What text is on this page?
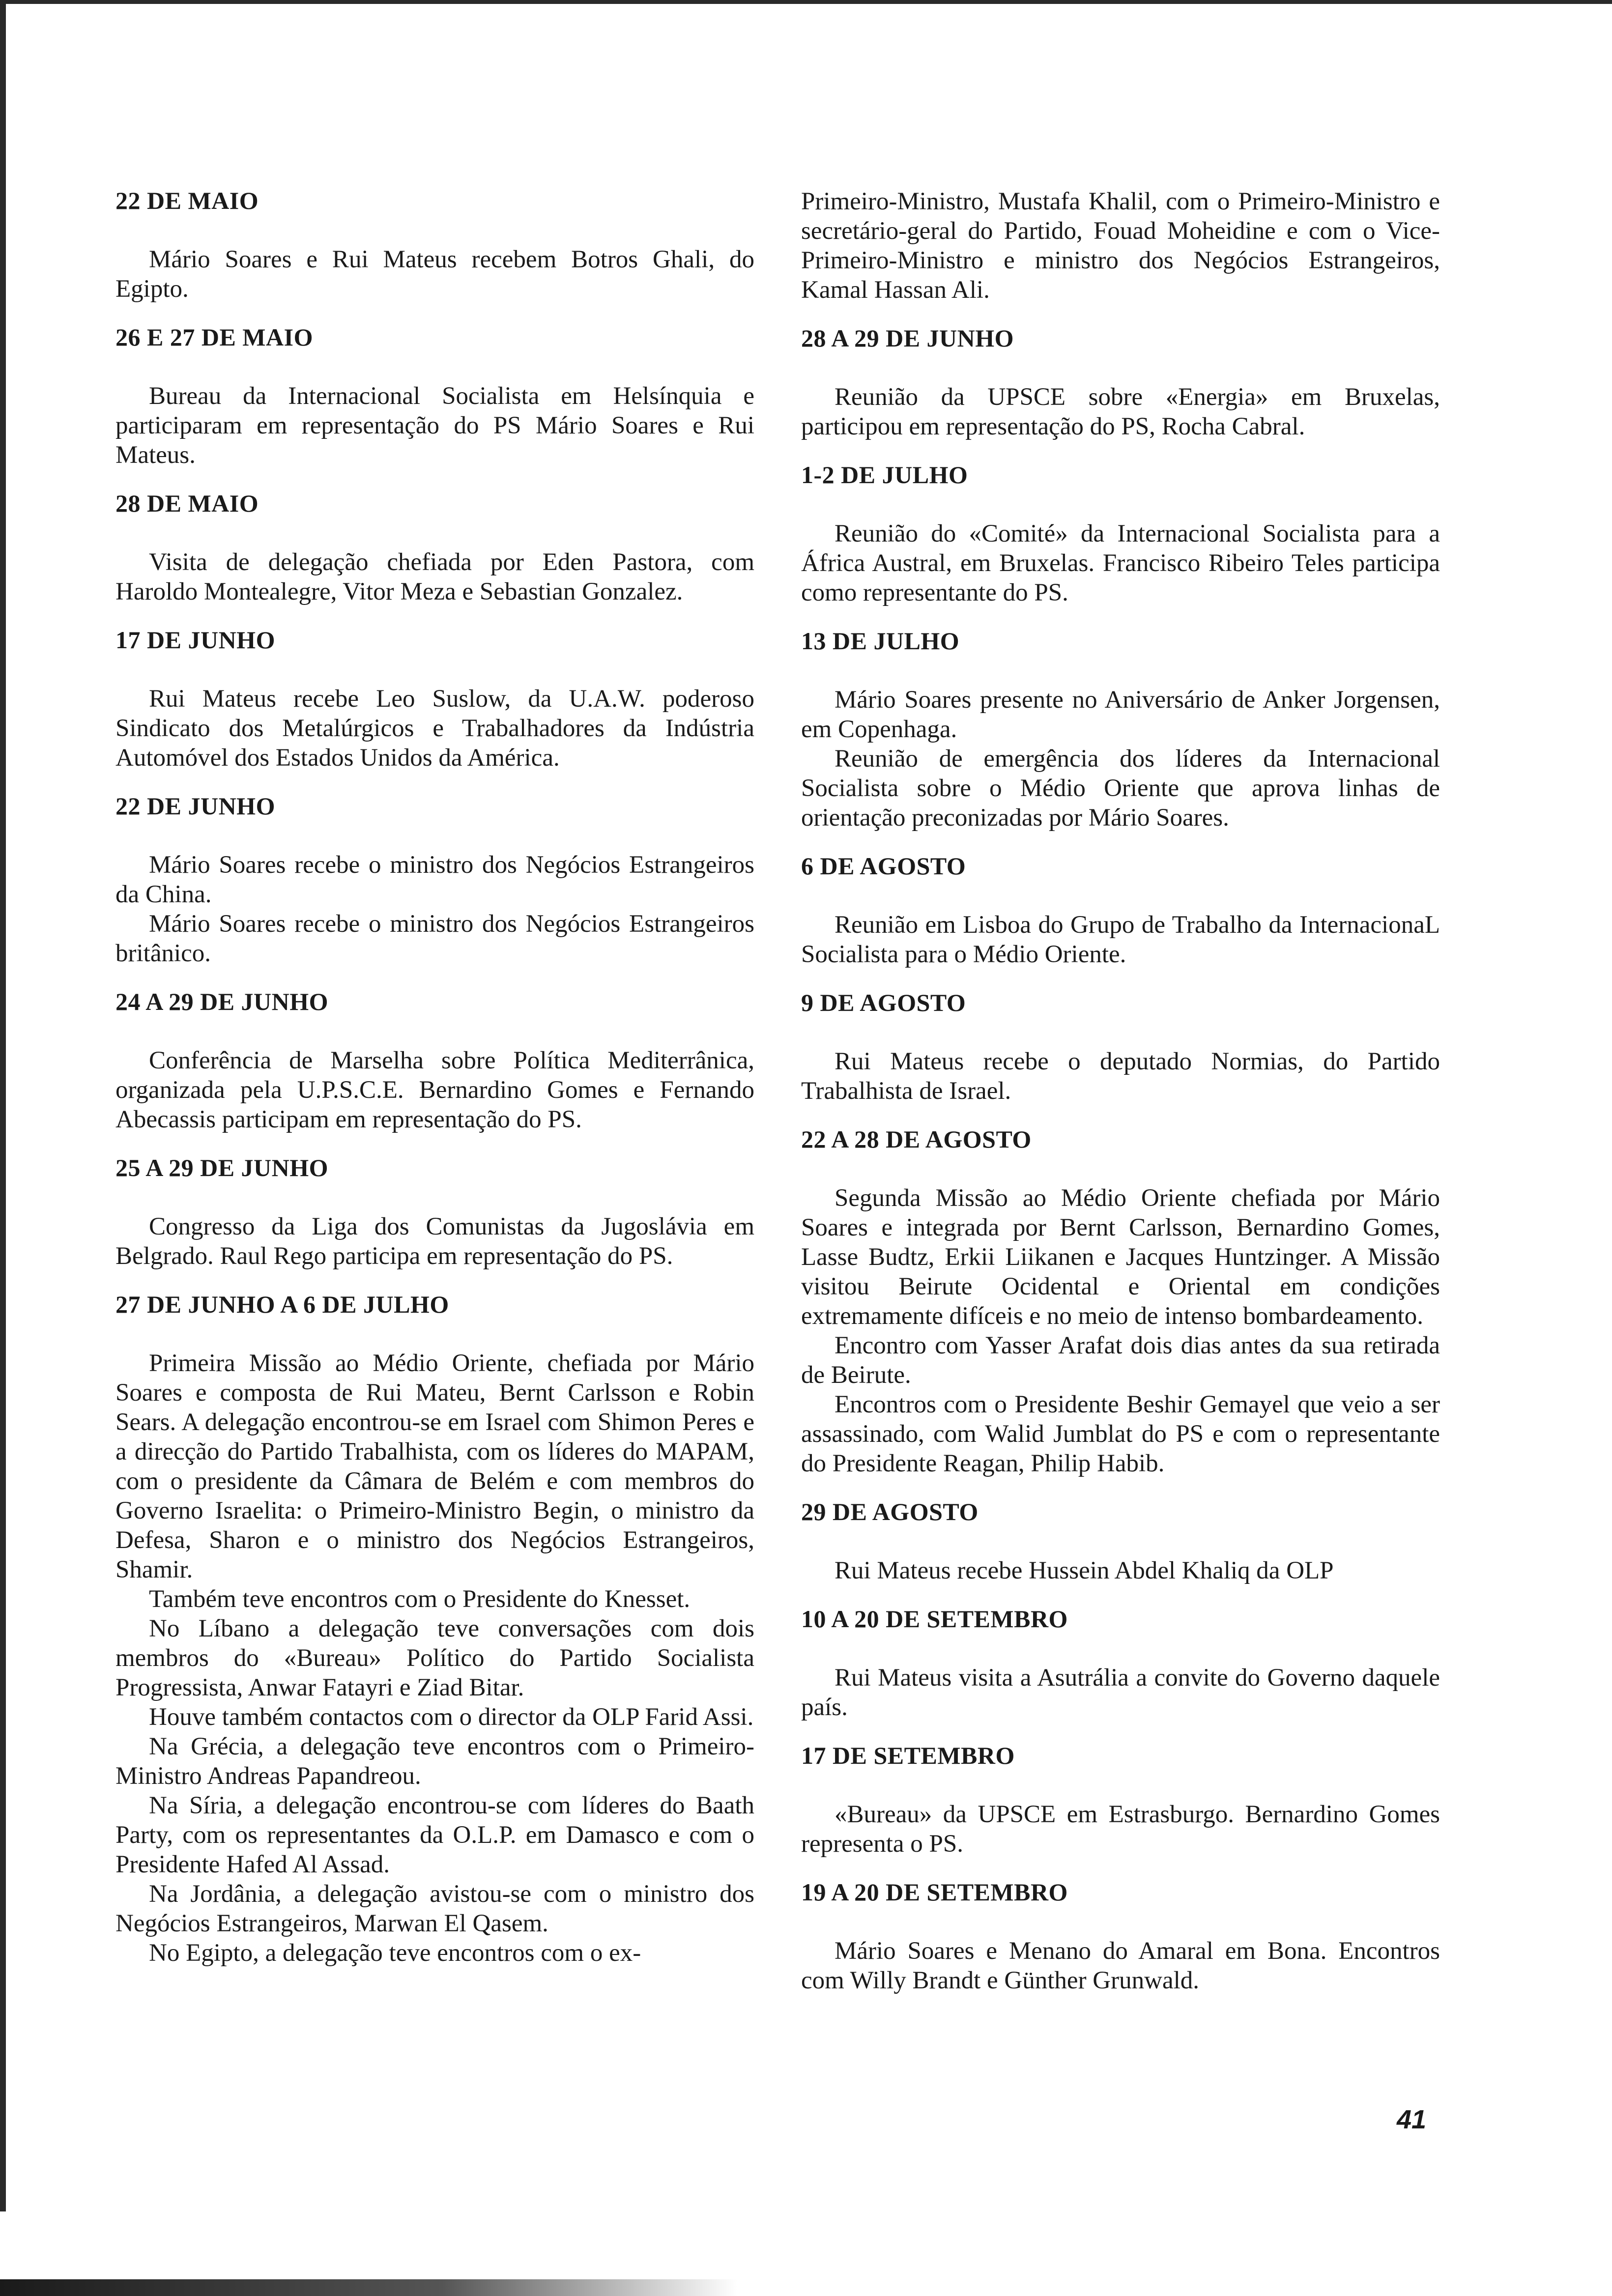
22 DE MAIO

Mário Soares e Rui Mateus recebem Botros Ghali, do Egipto.

26 E 27 DE MAIO

Bureau da Internacional Socialista em Helsínquia e participaram em representação do PS Mário Soares e Rui Mateus.

28 DE MAIO

Visita de delegação chefiada por Eden Pastora, com Haroldo Montealegre, Vitor Meza e Sebastian Gonzalez.

17 DE JUNHO

Rui Mateus recebe Leo Suslow, da U.A.W. poderoso Sindicato dos Metalúrgicos e Trabalhadores da Indústria Automóvel dos Estados Unidos da América.

22 DE JUNHO

Mário Soares recebe o ministro dos Negócios Estrangeiros da China.

Mário Soares recebe o ministro dos Negócios Estrangeiros britânico.

24 A 29 DE JUNHO

Conferência de Marselha sobre Política Mediterrânica, organizada pela U.P.S.C.E. Bernardino Gomes e Fernando Abecassis participam em representação do PS.

25 A 29 DE JUNHO

Congresso da Liga dos Comunistas da Jugoslávia em Belgrado. Raul Rego participa em representação do PS.

27 DE JUNHO A 6 DE JULHO

Primeira Missão ao Médio Oriente, chefiada por Mário Soares e composta de Rui Mateu, Bernt Carlsson e Robin Sears. A delegação encontrou-se em Israel com Shimon Peres e a direcção do Partido Trabalhista, com os líderes do MAPAM, com o presidente da Câmara de Belém e com membros do Governo Israelita: o Primeiro-Ministro Begin, o ministro da Defesa, Sharon e o ministro dos Negócios Estrangeiros, Shamir.

Também teve encontros com o Presidente do Knesset.

No Líbano a delegação teve conversações com dois membros do «Bureau» Político do Partido Socialista Progressista, Anwar Fatayri e Ziad Bitar.

Houve também contactos com o director da OLP Farid Assi.

Na Grécia, a delegação teve encontros com o Primeiro-Ministro Andreas Papandreou.

Na Síria, a delegação encontrou-se com líderes do Baath Party, com os representantes da O.L.P. em Damasco e com o Presidente Hafed Al Assad.

Na Jordânia, a delegação avistou-se com o ministro dos Negócios Estrangeiros, Marwan El Qasem.

No Egipto, a delegação teve encontros com o ex-

Primeiro-Ministro, Mustafa Khalil, com o Primeiro-Ministro e secretário-geral do Partido, Fouad Moheidine e com o Vice-Primeiro-Ministro e ministro dos Negócios Estrangeiros, Kamal Hassan Ali.

28 A 29 DE JUNHO

Reunião da UPSCE sobre «Energia» em Bruxelas, participou em representação do PS, Rocha Cabral.

1-2 DE JULHO

Reunião do «Comité» da Internacional Socialista para a África Austral, em Bruxelas. Francisco Ribeiro Teles participa como representante do PS.

13 DE JULHO

Mário Soares presente no Aniversário de Anker Jorgensen, em Copenhaga.

Reunião de emergência dos líderes da Internacional Socialista sobre o Médio Oriente que aprova linhas de orientação preconizadas por Mário Soares.

6 DE AGOSTO

Reunião em Lisboa do Grupo de Trabalho da InternacionaL Socialista para o Médio Oriente.

9 DE AGOSTO

Rui Mateus recebe o deputado Normias, do Partido Trabalhista de Israel.

22 A 28 DE AGOSTO

Segunda Missão ao Médio Oriente chefiada por Mário Soares e integrada por Bernt Carlsson, Bernardino Gomes, Lasse Budtz, Erkii Liikanen e Jacques Huntzinger. A Missão visitou Beirute Ocidental e Oriental em condições extremamente difíceis e no meio de intenso bombardeamento.

Encontro com Yasser Arafat dois dias antes da sua retirada de Beirute.

Encontros com o Presidente Beshir Gemayel que veio a ser assassinado, com Walid Jumblat do PS e com o representante do Presidente Reagan, Philip Habib.

29 DE AGOSTO

Rui Mateus recebe Hussein Abdel Khaliq da OLP

10 A 20 DE SETEMBRO

Rui Mateus visita a Asutrália a convite do Governo daquele país.

17 DE SETEMBRO

«Bureau» da UPSCE em Estrasburgo. Bernardino Gomes representa o PS.

19 A 20 DE SETEMBRO

Mário Soares e Menano do Amaral em Bona. Encontros com Willy Brandt e Günther Grunwald.

41
